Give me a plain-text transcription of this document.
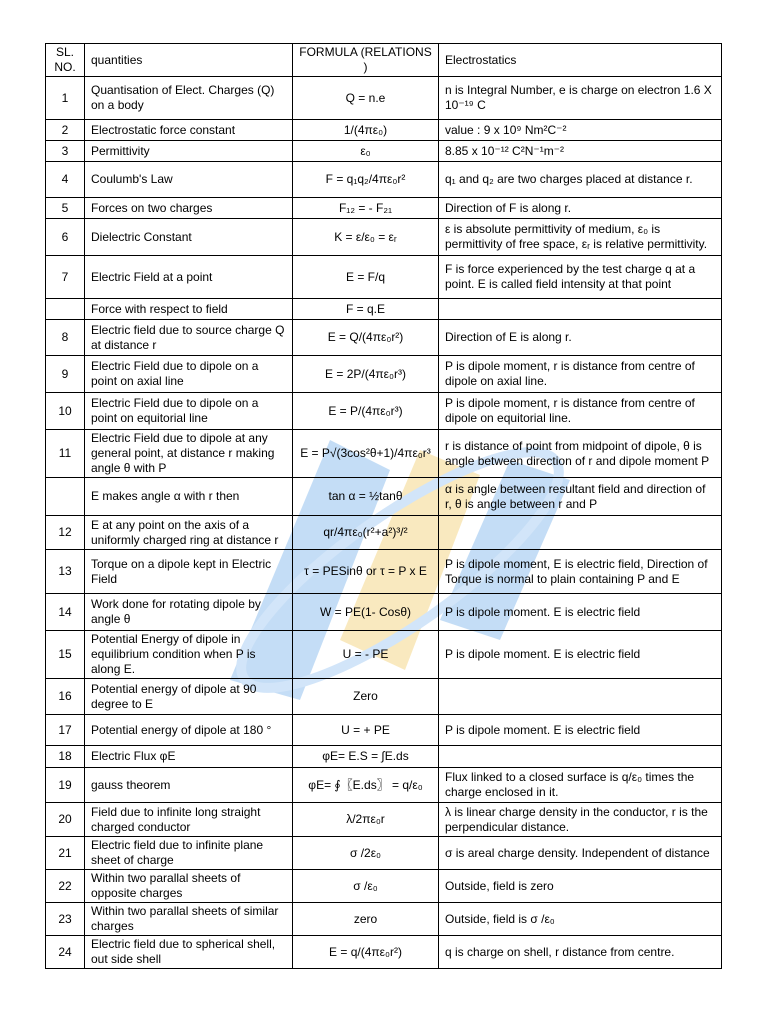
SL. NO.	quantities	FORMULA (RELATIONS )	Electrostatics
1	Quantisation of Elect. Charges (Q) on a body	Q = n.e	n is Integral Number, e is charge on electron 1.6 X 10⁻¹⁹ C
2	Electrostatic force constant	1/(4πε₀)	value : 9 x 10⁹ Nm²C⁻²
3	Permittivity	ε₀	8.85 x 10⁻¹² C²N⁻¹m⁻²
4	Coulumb's Law	F = q₁q₂/4πε₀r²	q₁ and q₂ are two charges placed at distance r.
5	Forces on two charges	F₁₂ = - F₂₁	Direction of F is along r.
6	Dielectric Constant	K = ε/ε₀ = εᵣ	ε is absolute permittivity of medium, ε₀ is permittivity of free space, εᵣ is relative permittivity.
7	Electric Field at a point	E = F/q	F is force experienced by the test charge q at a point. E is called field intensity at that point
	Force with respect to field	F = q.E	
8	Electric field due to source charge Q at distance r	E = Q/(4πε₀r²)	Direction of E is along r.
9	Electric Field due to dipole on a point on axial line	E = 2P/(4πε₀r³)	P is dipole moment, r is distance from centre of dipole on axial line.
10	Electric Field due to dipole on a point on equitorial line	E = P/(4πε₀r³)	P is dipole moment, r is distance from centre of dipole on equitorial line.
11	Electric Field due to dipole at any general point, at distance r making angle θ with P	E = P√(3cos²θ+1)/4πε₀r³	r is distance of point from midpoint of dipole, θ is angle between direction of r and dipole moment P
	E makes angle α with r then	tan α = ½tanθ	α is angle between resultant field and direction of r, θ is angle between r and P
12	E at any point on the axis of a uniformly charged ring at distance r	qr/4πε₀(r²+a²)³/²	
13	Torque on a dipole kept in Electric Field	τ = PESinθ or τ = P x E	P is dipole moment, E is electric field, Direction of Torque is normal to plain containing P and E
14	Work done for rotating dipole by angle θ	W = PE(1- Cosθ)	P is dipole moment. E is electric field
15	Potential Energy of dipole in equilibrium condition when P is along E.	U = - PE	P is dipole moment. E is electric field
16	Potential energy of dipole at 90 degree to E	Zero	
17	Potential energy of dipole at 180 °	U = + PE	P is dipole moment. E is electric field
18	Electric Flux φE	φE= E.S = ∫E.ds	
19	gauss theorem	φE= ∮〖E.ds〗 = q/ε₀	Flux linked to a closed surface is q/ε₀ times the charge enclosed in it.
20	Field due to infinite long straight charged conductor	λ/2πε₀r	λ is linear charge density in the conductor, r is the perpendicular distance.
21	Electric field due to infinite plane sheet of charge	σ /2ε₀	σ is areal charge density. Independent of distance
22	Within two parallal sheets of opposite charges	σ /ε₀	Outside, field is zero
23	Within two parallal sheets of similar charges	zero	Outside, field is σ /ε₀
24	Electric field due to spherical shell, out side shell	E = q/(4πε₀r²)	q is charge on shell, r distance from centre.
